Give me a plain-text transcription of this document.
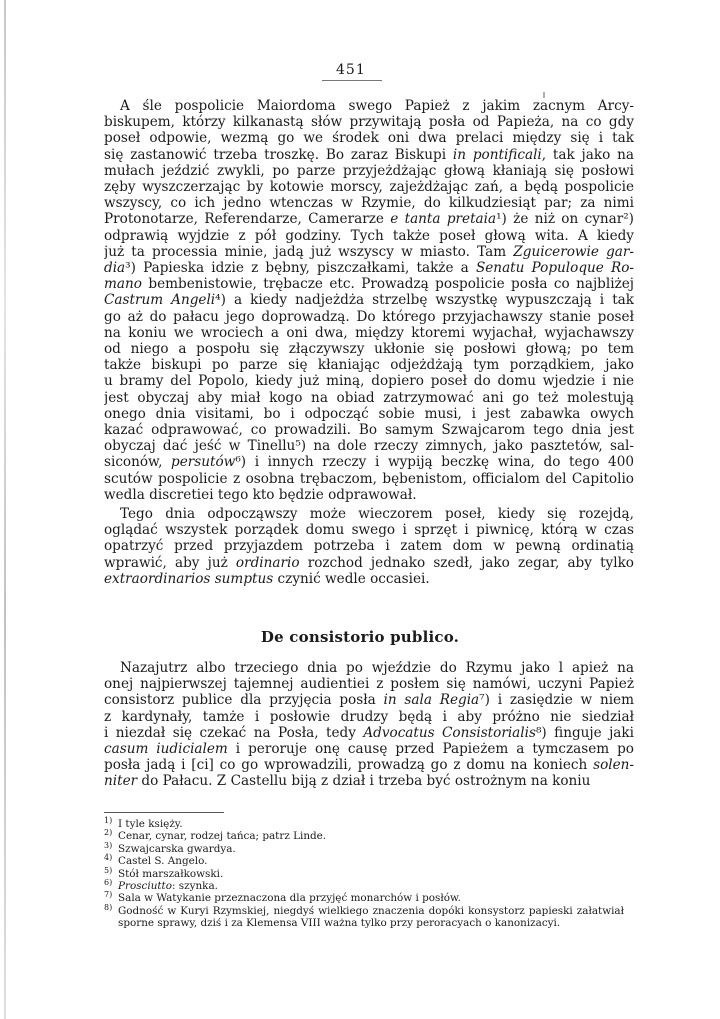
451
A śle pospolicie Maiordoma swego Papież z jakim zacnym Arcy-
biskupem, którzy kilkanastą słów przywitają posła od Papieża, na co gdy
poseł odpowie, wezmą go we środek oni dwa prelaci między się i tak
się zastanowić trzeba troszkę. Bo zaraz Biskupi in pontificali, tak jako na
mułach jeździć zwykli, po parze przyjeżdżając głową kłaniają się posłowi
zęby wyszczerzając by kotowie morscy, zajeżdżając zań, a będą pospolicie
wszyscy, co ich jedno wtenczas w Rzymie, do kilkudziesiąt par; za nimi
Protonotarze, Referendarze, Camerarze e tanta pretaia¹) że niż on cynar²)
odprawią wyjdzie z pół godziny. Tych także poseł głową wita. A kiedy
już ta processia minie, jadą już wszyscy w miasto. Tam Zguicerowie gar-
dia³) Papieska idzie z bębny, piszczałkami, także a Senatu Populoque Ro-
mano bembenistowie, trębacze etc. Prowadzą pospolicie posła co najbliżej
Castrum Angeli⁴) a kiedy nadjeżdża strzelbę wszystkę wypuszczają i tak
go aż do pałacu jego doprowadzą. Do którego przyjachawszy stanie poseł
na koniu we wrociech a oni dwa, między ktoremi wyjachał, wyjachawszy
od niego a pospołu się złączywszy ukłonie się posłowi głową; po tem
także biskupi po parze się kłaniając odjeżdżają tym porządkiem, jako
u bramy del Popolo, kiedy już miną, dopiero poseł do domu wjedzie i nie
jest obyczaj aby miał kogo na obiad zatrzymować ani go też molestują
onego dnia visitami, bo i odpocząć sobie musi, i jest zabawka owych
kazać odprawować, co prowadzili. Bo samym Szwajcarom tego dnia jest
obyczaj dać jeść w Tinellu⁵) na dole rzeczy zimnych, jako pasztetów, sal-
siconów, persutów⁶) i innych rzeczy i wypiją beczkę wina, do tego 400
scutów pospolicie z osobna trębaczom, bębenistom, officialom del Capitolio
wedla discretiei tego kto będzie odprawował.
Tego dnia odpocząwszy może wieczorem poseł, kiedy się rozejdą,
oglądać wszystek porządek domu swego i sprzęt i piwnicę, którą w czas
opatrzyć przed przyjazdem potrzeba i zatem dom w pewną ordinatią
wprawić, aby już ordinario rozchod jednako szedł, jako zegar, aby tylko
extraordinarios sumptus czynić wedle occasiei.
De consistorio publico.
Nazajutrz albo trzeciego dnia po wjeździe do Rzymu jako l apież na
onej najpierwszej tajemnej audientiei z posłem się namówi, uczyni Papież
consistorz publice dla przyjęcia posła in sala Regia⁷) i zasiędzie w niem
z kardynały, tamże i posłowie drudzy będą i aby próżno nie siedział
i niezdał się czekać na Posła, tedy Advocatus Consistorialis⁸) finguje jaki
casum iudicialem i peroruje onę causę przed Papieżem a tymczasem po
posła jadą i [ci] co go wprowadzili, prowadzą go z domu na koniech solen-
niter do Pałacu. Z Castellu biją z dział i trzeba być ostrożnym na koniu
1) I tyle księży.
2) Cenar, cynar, rodzej tańca; patrz Linde.
3) Szwajcarska gwardya.
4) Castel S. Angelo.
5) Stół marszałkowski.
6) Prosciutto: szynka.
7) Sala w Watykanie przeznaczona dla przyjęć monarchów i posłów.
8) Godność w Kuryi Rzymskiej, niegdyś wielkiego znaczenia dopóki konsystorz papieski załatwiał sporne sprawy, dziś i za Klemensa VIII ważna tylko przy peroracyach o kanonizacyi.
